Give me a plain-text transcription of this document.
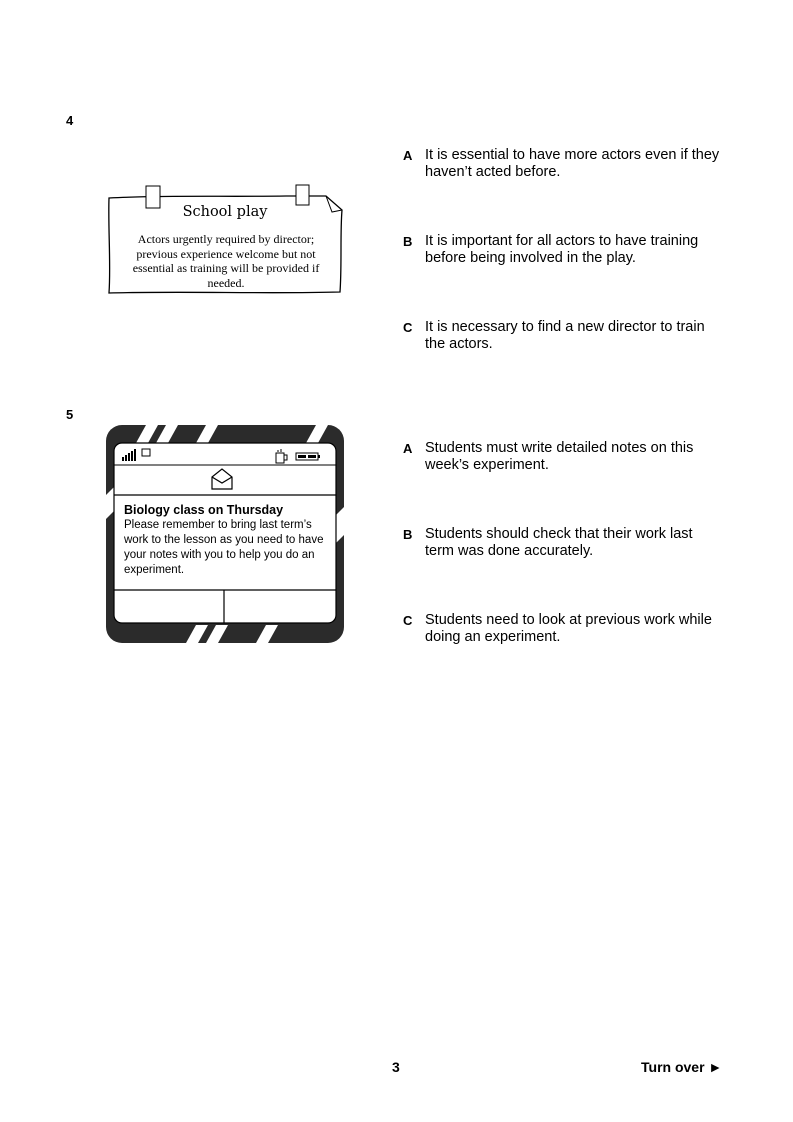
4
School play
Actors urgently required by director; previous experience welcome but not essential as training will be provided if needed.
A It is essential to have more actors even if they haven’t acted before.
B It is important for all actors to have training before being involved in the play.
C It is necessary to find a new director to train the actors.
5
Biology class on Thursday
Please remember to bring last term’s work to the lesson as you need to have your notes with you to help you do an experiment.
A Students must write detailed notes on this week’s experiment.
B Students should check that their work last term was done accurately.
C Students need to look at previous work while doing an experiment.
3	Turn over ►
